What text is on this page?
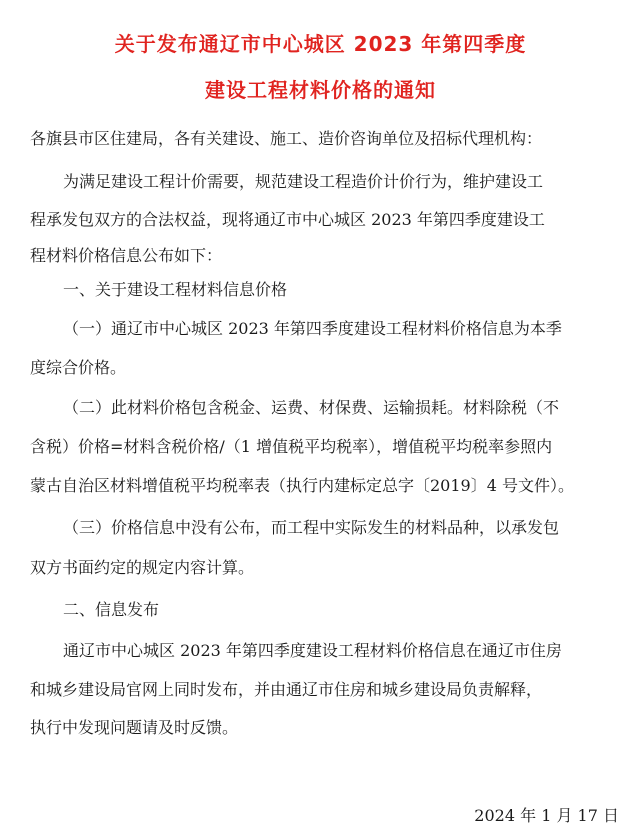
关于发布通辽市中心城区 2023 年第四季度
建设工程材料价格的通知
各旗县市区住建局，各有关建设、施工、造价咨询单位及招标代理机构：
为满足建设工程计价需要，规范建设工程造价计价行为，维护建设工
程承发包双方的合法权益，现将通辽市中心城区 2023 年第四季度建设工
程材料价格信息公布如下：
一、关于建设工程材料信息价格
（一）通辽市中心城区 2023 年第四季度建设工程材料价格信息为本季
度综合价格。
（二）此材料价格包含税金、运费、材保费、运输损耗。材料除税（不
含税）价格=材料含税价格/（1 增值税平均税率），增值税平均税率参照内
蒙古自治区材料增值税平均税率表（执行内建标定总字〔2019〕4 号文件）。
（三）价格信息中没有公布，而工程中实际发生的材料品种，以承发包
双方书面约定的规定内容计算。
二、信息发布
通辽市中心城区 2023 年第四季度建设工程材料价格信息在通辽市住房
和城乡建设局官网上同时发布，并由通辽市住房和城乡建设局负责解释，
执行中发现问题请及时反馈。
2024 年 1 月 17 日
